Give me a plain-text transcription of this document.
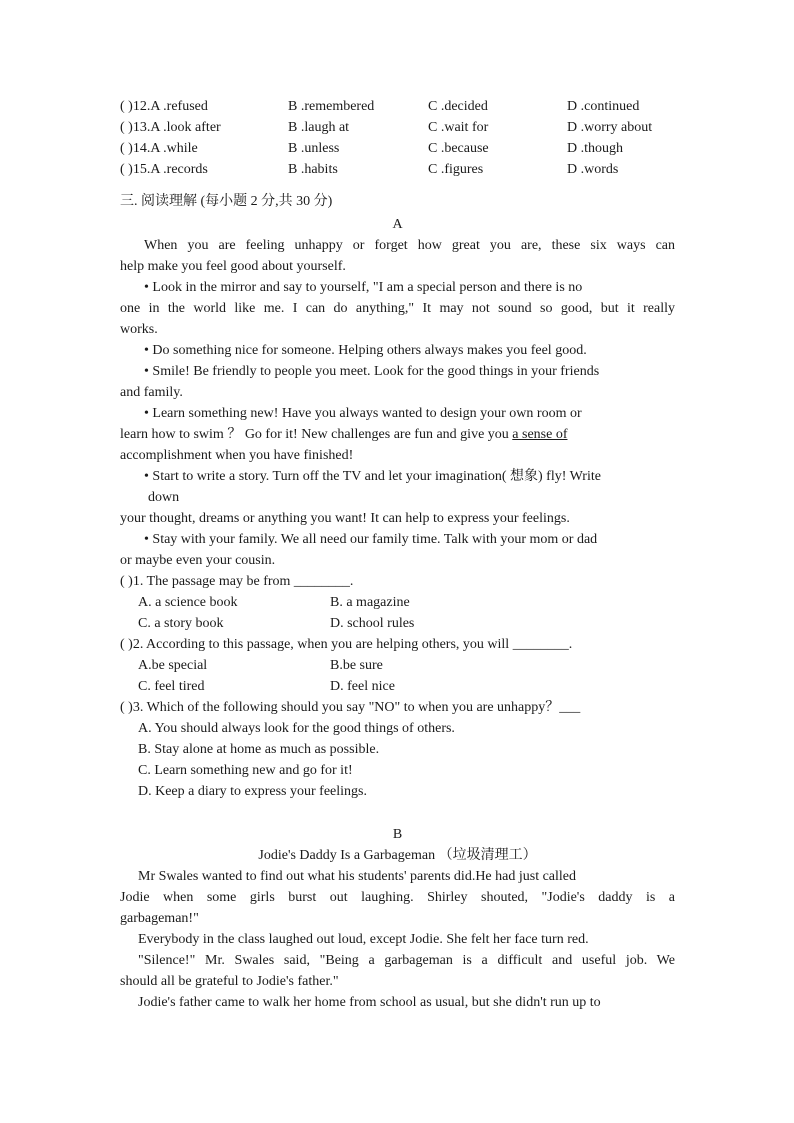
( )12.A .refused	B .remembered	C .decided	D .continued
( )13.A .look after	B .laugh at	C .wait for	D .worry about
( )14.A .while	B .unless	C .because	D .though
( )15.A .records	B .habits	C .figures	D .words
三. 阅读理解 (每小题 2 分,共 30 分)
A
When you are feeling unhappy or forget how great you are, these six ways can
help make you feel good about yourself.
• Look in the mirror and say to yourself, "I am a special person and there is no
one in the world like me. I can do anything," It may not sound so good, but it really
works.
• Do something nice for someone. Helping others always makes you feel good.
• Smile! Be friendly to people you meet. Look for the good things in your friends
and family.
• Learn something new! Have you always wanted to design your own room or
learn how to swim ？ Go for it! New challenges are fun and give you a sense of
accomplishment when you have finished!
• Start to write a story. Turn off the TV and let your imagination( 想象) fly! Write
down
your thought, dreams or anything you want! It can help to express your feelings.
• Stay with your family. We all need our family time. Talk with your mom or dad
or maybe even your cousin.
( )1. The passage may be from ________.
A. a science book	B. a magazine
C. a story book	D. school rules
( )2. According to this passage, when you are helping others, you will ________.
A.be special	B.be sure
C. feel tired	D. feel nice
( )3. Which of the following should you say "NO" to when you are unhappy？___
A. You should always look for the good things of others.
B. Stay alone at home as much as possible.
C. Learn something new and go for it!
D. Keep a diary to express your feelings.
B
Jodie's Daddy Is a Garbageman （垃圾清理工）
Mr Swales wanted to find out what his students' parents did.He had just called
Jodie when some girls burst out laughing. Shirley shouted, "Jodie's daddy is a
garbageman!"
Everybody in the class laughed out loud, except Jodie. She felt her face turn red.
"Silence!" Mr. Swales said, "Being a garbageman is a difficult and useful job. We
should all be grateful to Jodie's father."
Jodie's father came to walk her home from school as usual, but she didn't run up to
